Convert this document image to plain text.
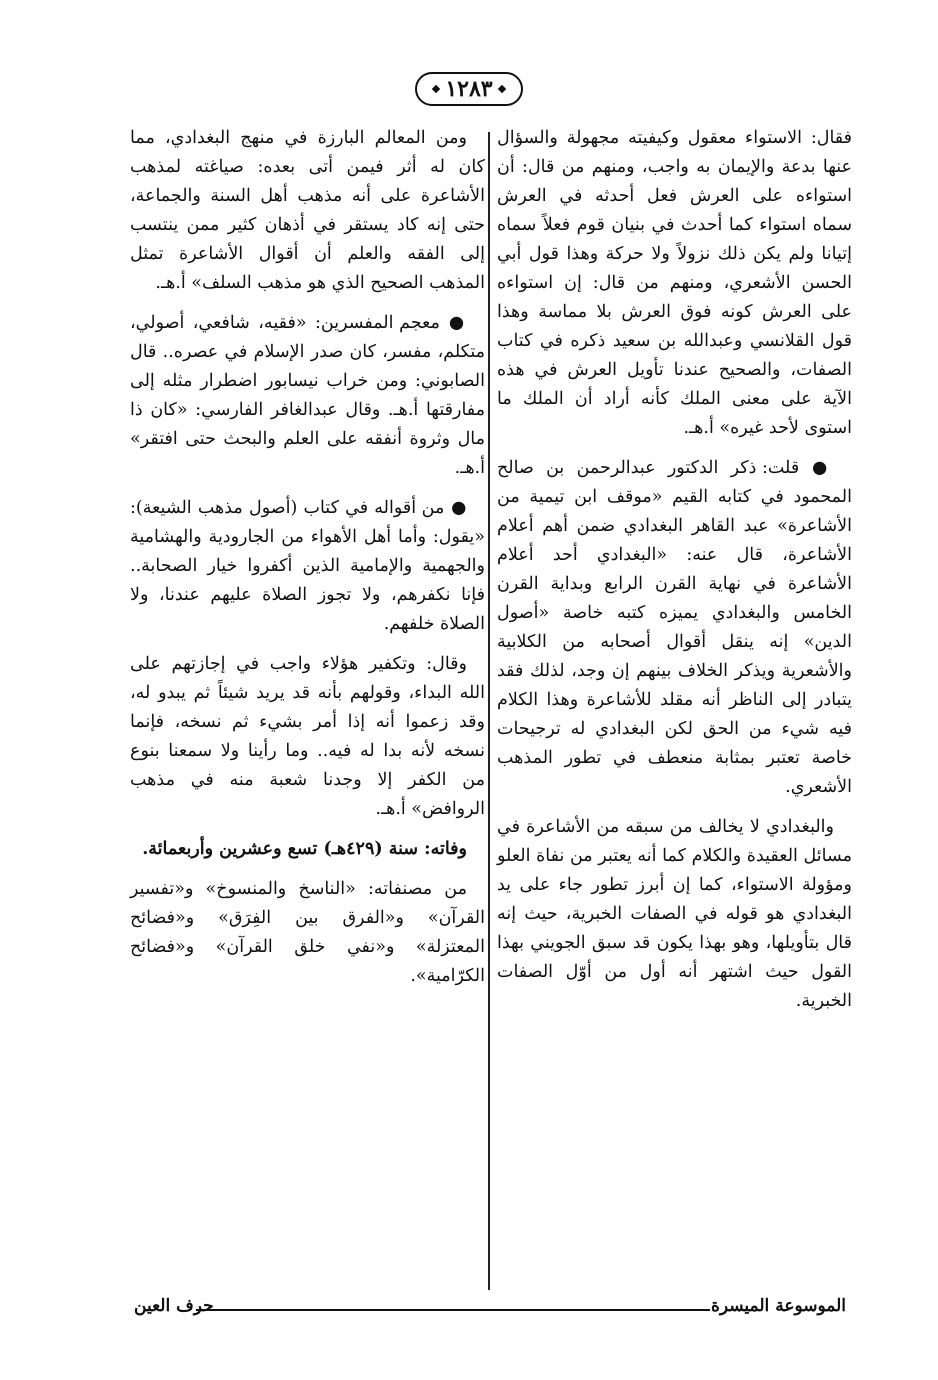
١٢٨٣

فقال: الاستواء معقول وكيفيته مجهولة والسؤال عنها بدعة والإيمان به واجب، ومنهم من قال: أن استواءه على العرش فعل أحدثه في العرش سماه استواء كما أحدث في بنيان قوم فعلاً سماه إتيانا ولم يكن ذلك نزولاً ولا حركة وهذا قول أبي الحسن الأشعري، ومنهم من قال: إن استواءه على العرش كونه فوق العرش بلا مماسة وهذا قول القلانسي وعبدالله بن سعيد ذكره في كتاب الصفات، والصحيح عندنا تأويل العرش في هذه الآية على معنى الملك كأنه أراد أن الملك ما استوى لأحد غيره» أ.هـ.

● قلت: ذكر الدكتور عبدالرحمن بن صالح المحمود في كتابه القيم «موقف ابن تيمية من الأشاعرة» عبد القاهر البغدادي ضمن أهم أعلام الأشاعرة، قال عنه: «البغدادي أحد أعلام الأشاعرة في نهاية القرن الرابع وبداية القرن الخامس والبغدادي يميزه كتبه خاصة «أصول الدين» إنه ينقل أقوال أصحابه من الكلابية والأشعرية ويذكر الخلاف بينهم إن وجد، لذلك فقد يتبادر إلى الناظر أنه مقلد للأشاعرة وهذا الكلام فيه شيء من الحق لكن البغدادي له ترجيحات خاصة تعتبر بمثابة منعطف في تطور المذهب الأشعري.

والبغدادي لا يخالف من سبقه من الأشاعرة في مسائل العقيدة والكلام كما أنه يعتبر من نفاة العلو ومؤولة الاستواء، كما إن أبرز تطور جاء على يد البغدادي هو قوله في الصفات الخبرية، حيث إنه قال بتأويلها، وهو بهذا يكون قد سبق الجويني بهذا القول حيث اشتهر أنه أول من أوّل الصفات الخبرية.

ومن المعالم البارزة في منهج البغدادي، مما كان له أثر فيمن أتى بعده: صياغته لمذهب الأشاعرة على أنه مذهب أهل السنة والجماعة، حتى إنه كاد يستقر في أذهان كثير ممن ينتسب إلى الفقه والعلم أن أقوال الأشاعرة تمثل المذهب الصحيح الذي هو مذهب السلف» أ.هـ.

● معجم المفسرين: «فقيه، شافعي، أصولي، متكلم، مفسر، كان صدر الإسلام في عصره.. قال الصابوني: ومن خراب نيسابور اضطرار مثله إلى مفارقتها أ.هـ. وقال عبدالغافر الفارسي: «كان ذا مال وثروة أنفقه على العلم والبحث حتى افتقر» أ.هـ.

● من أقواله في كتاب (أصول مذهب الشيعة): «يقول: وأما أهل الأهواء من الجارودية والهشامية والجهمية والإمامية الذين أكفروا خيار الصحابة.. فإنا نكفرهم، ولا تجوز الصلاة عليهم عندنا، ولا الصلاة خلفهم.

وقال: وتكفير هؤلاء واجب في إجازتهم على الله البداء، وقولهم بأنه قد يريد شيئاً ثم يبدو له، وقد زعموا أنه إذا أمر بشيء ثم نسخه، فإنما نسخه لأنه بدا له فيه.. وما رأينا ولا سمعنا بنوع من الكفر إلا وجدنا شعبة منه في مذهب الروافض» أ.هـ.

وفاته: سنة (٤٢٩هـ) تسع وعشرين وأربعمائة.

من مصنفاته: «الناسخ والمنسوخ» و«تفسير القرآن» و«الفرق بين الفِرَق» و«فضائح المعتزلة» و«نفي خلق القرآن» و«فضائح الكرّامية».

الموسوعة الميسرة
حرف العين
